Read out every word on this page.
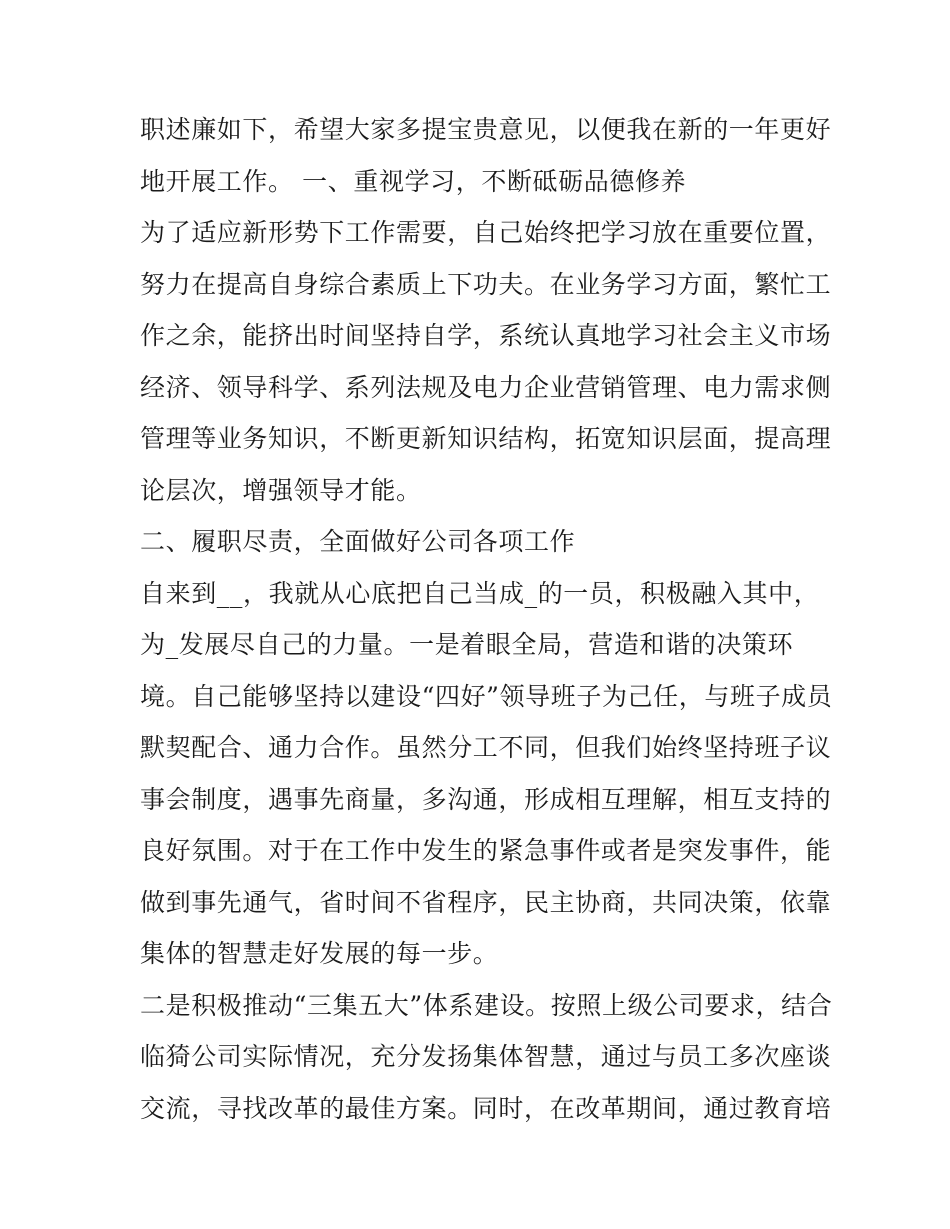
职述廉如下，希望大家多提宝贵意见，以便我在新的一年更好
地开展工作。 一、重视学习，不断砥砺品德修养
为了适应新形势下工作需要，自己始终把学习放在重要位置，
努力在提高自身综合素质上下功夫。在业务学习方面，繁忙工
作之余，能挤出时间坚持自学，系统认真地学习社会主义市场
经济、领导科学、系列法规及电力企业营销管理、电力需求侧
管理等业务知识，不断更新知识结构，拓宽知识层面，提高理
论层次，增强领导才能。
二、履职尽责，全面做好公司各项工作
自来到__，我就从心底把自己当成_的一员，积极融入其中，
为_发展尽自己的力量。一是着眼全局，营造和谐的决策环
境。自己能够坚持以建设“四好”领导班子为己任，与班子成员
默契配合、通力合作。虽然分工不同，但我们始终坚持班子议
事会制度，遇事先商量，多沟通，形成相互理解，相互支持的
良好氛围。对于在工作中发生的紧急事件或者是突发事件，能
做到事先通气，省时间不省程序，民主协商，共同决策，依靠
集体的智慧走好发展的每一步。
二是积极推动“三集五大”体系建设。按照上级公司要求，结合
临猗公司实际情况，充分发扬集体智慧，通过与员工多次座谈
交流，寻找改革的最佳方案。同时，在改革期间，通过教育培
